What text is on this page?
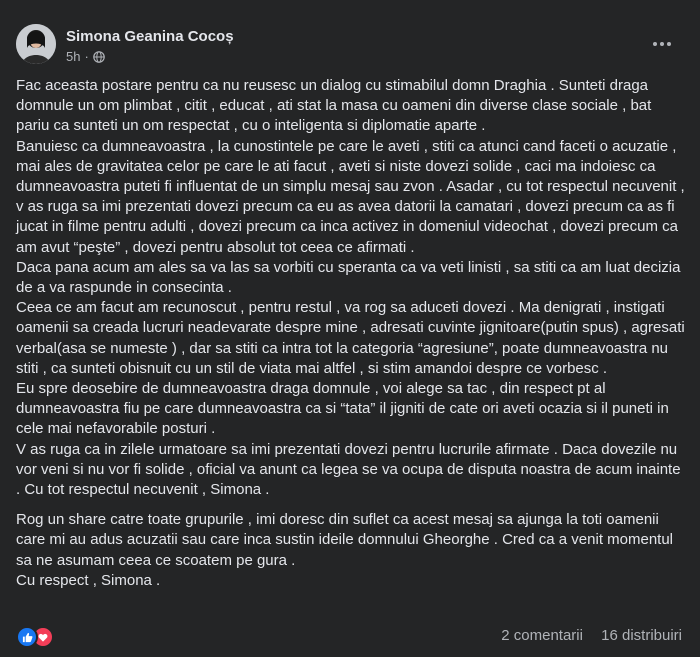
Simona Geanina Cocoș
5h ·

Fac aceasta postare pentru ca nu reusesc un dialog cu stimabilul domn Draghia . Sunteti draga domnule un om plimbat , citit , educat , ati stat la masa cu oameni din diverse clase sociale , bat pariu ca sunteti un om respectat , cu o inteligenta si diplomatie aparte .
Banuiesc ca dumneavoastra , la cunostintele pe care le aveti , stiti ca atunci cand faceti o acuzatie , mai ales de gravitatea celor pe care le ati facut , aveti si niste dovezi solide , caci ma indoiesc ca dumneavoastra puteti fi influentat de un simplu mesaj sau zvon . Asadar , cu tot respectul necuvenit , v as ruga sa imi prezentati dovezi precum ca eu as avea datorii la camatari , dovezi precum ca as fi jucat in filme pentru adulti , dovezi precum ca inca activez in domeniul videochat , dovezi precum ca am avut “peşte” , dovezi pentru absolut tot ceea ce afirmati .
Daca pana acum am ales sa va las sa vorbiti cu speranta ca va veti linisti , sa stiti ca am luat decizia de a va raspunde in consecinta .
Ceea ce am facut am recunoscut , pentru restul , va rog sa aduceti dovezi . Ma denigrati , instigati oamenii sa creada lucruri neadevarate despre mine , adresati cuvinte jignitoare(putin spus) , agresati verbal(asa se numeste ) , dar sa stiti ca intra tot la categoria “agresiune”, poate dumneavoastra nu stiti , ca sunteti obisnuit cu un stil de viata mai altfel , si stim amandoi despre ce vorbesc .
Eu spre deosebire de dumneavoastra draga domnule , voi alege sa tac , din respect pt al dumneavoastra fiu pe care dumneavoastra ca si “tata” il jigniti de cate ori aveti ocazia si il puneti in cele mai nefavorabile posturi .
V as ruga ca in zilele urmatoare sa imi prezentati dovezi pentru lucrurile afirmate . Daca dovezile nu vor veni si nu vor fi solide , oficial va anunt ca legea se va ocupa de disputa noastra de acum inainte . Cu tot respectul necuvenit , Simona .

Rog un share catre toate grupurile , imi doresc din suflet ca acest mesaj sa ajunga la toti oamenii care mi au adus acuzatii sau care inca sustin ideile domnului Gheorghe . Cred ca a venit momentul sa ne asumam ceea ce scoatem pe gura .
Cu respect , Simona .

2 comentarii 16 distribuiri
